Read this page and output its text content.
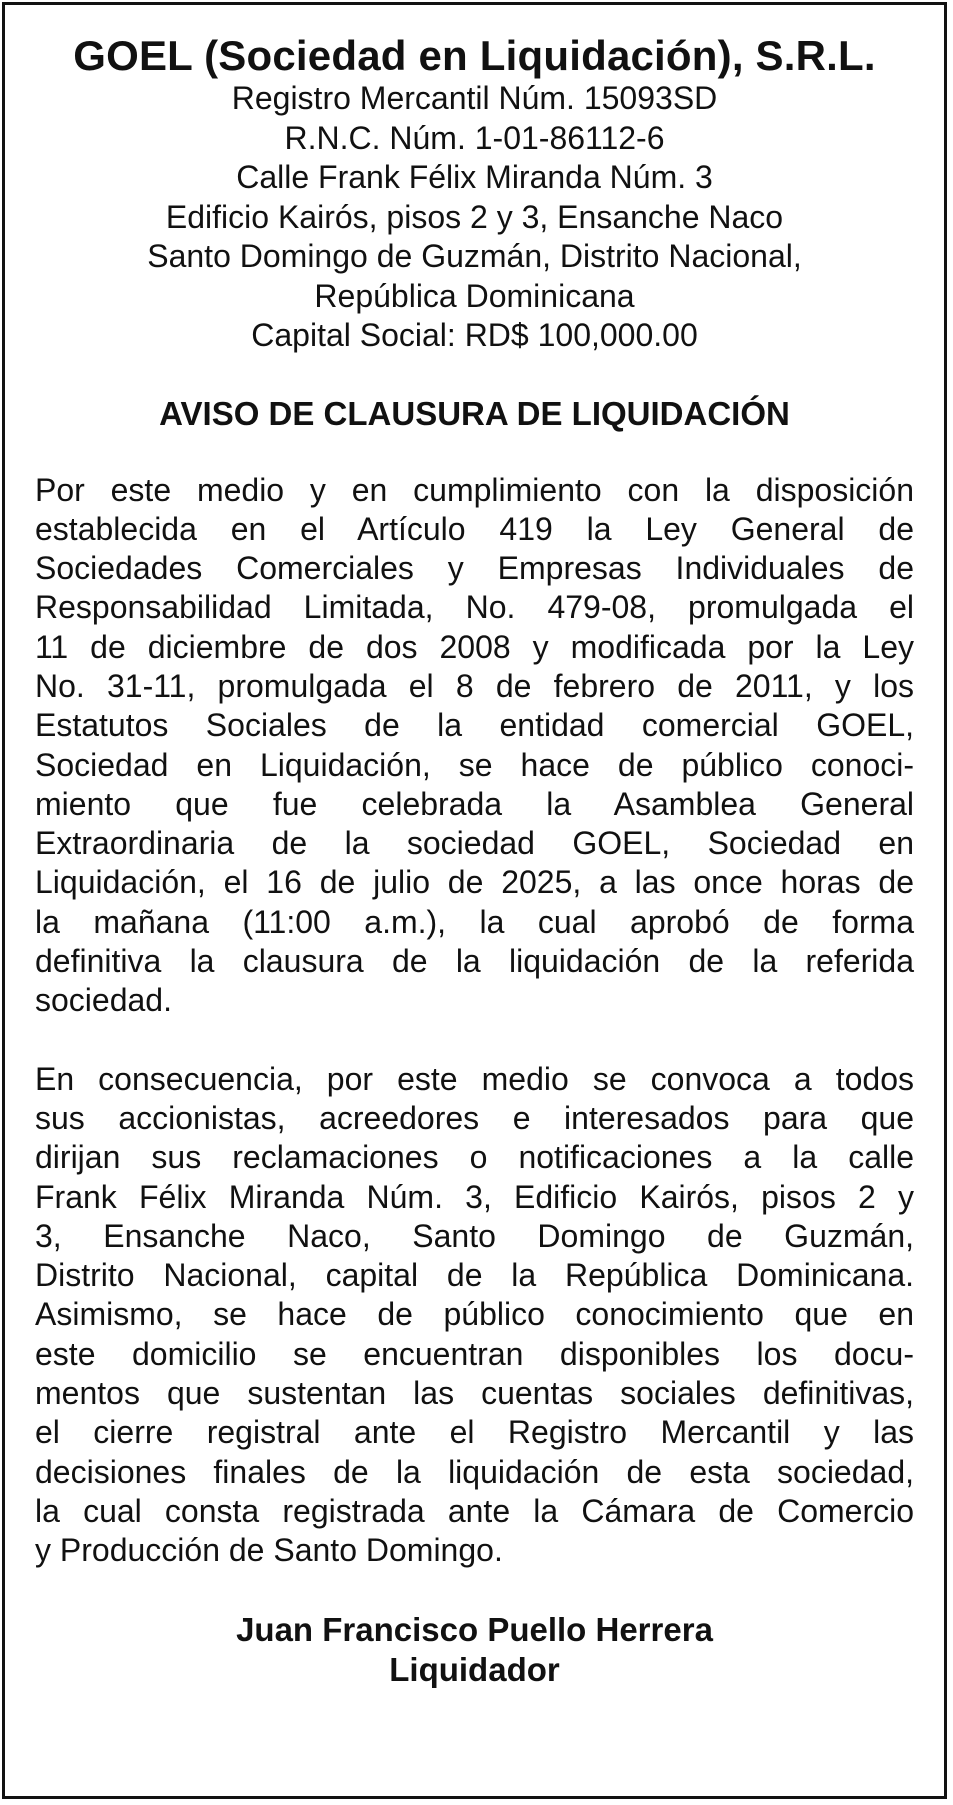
GOEL (Sociedad en Liquidación), S.R.L.
Registro Mercantil Núm. 15093SD
R.N.C. Núm. 1-01-86112-6
Calle Frank Félix Miranda Núm. 3
Edificio Kairós, pisos 2 y 3, Ensanche Naco
Santo Domingo de Guzmán, Distrito Nacional,
República Dominicana
Capital Social: RD$ 100,000.00
AVISO DE CLAUSURA DE LIQUIDACIÓN
Por este medio y en cumplimiento con la disposición
establecida en el Artículo 419 la Ley General de
Sociedades Comerciales y Empresas Individuales de
Responsabilidad Limitada, No. 479-08, promulgada el
11 de diciembre de dos 2008 y modificada por la Ley
No. 31-11, promulgada el 8 de febrero de 2011, y los
Estatutos Sociales de la entidad comercial GOEL,
Sociedad en Liquidación, se hace de público conoci-
miento que fue celebrada la Asamblea General
Extraordinaria de la sociedad GOEL, Sociedad en
Liquidación, el 16 de julio de 2025, a las once horas de
la mañana (11:00 a.m.), la cual aprobó de forma
definitiva la clausura de la liquidación de la referida
sociedad.
En consecuencia, por este medio se convoca a todos
sus accionistas, acreedores e interesados para que
dirijan sus reclamaciones o notificaciones a la calle
Frank Félix Miranda Núm. 3, Edificio Kairós, pisos 2 y
3, Ensanche Naco, Santo Domingo de Guzmán,
Distrito Nacional, capital de la República Dominicana.
Asimismo, se hace de público conocimiento que en
este domicilio se encuentran disponibles los docu-
mentos que sustentan las cuentas sociales definitivas,
el cierre registral ante el Registro Mercantil y las
decisiones finales de la liquidación de esta sociedad,
la cual consta registrada ante la Cámara de Comercio
y Producción de Santo Domingo.
Juan Francisco Puello Herrera
Liquidador
